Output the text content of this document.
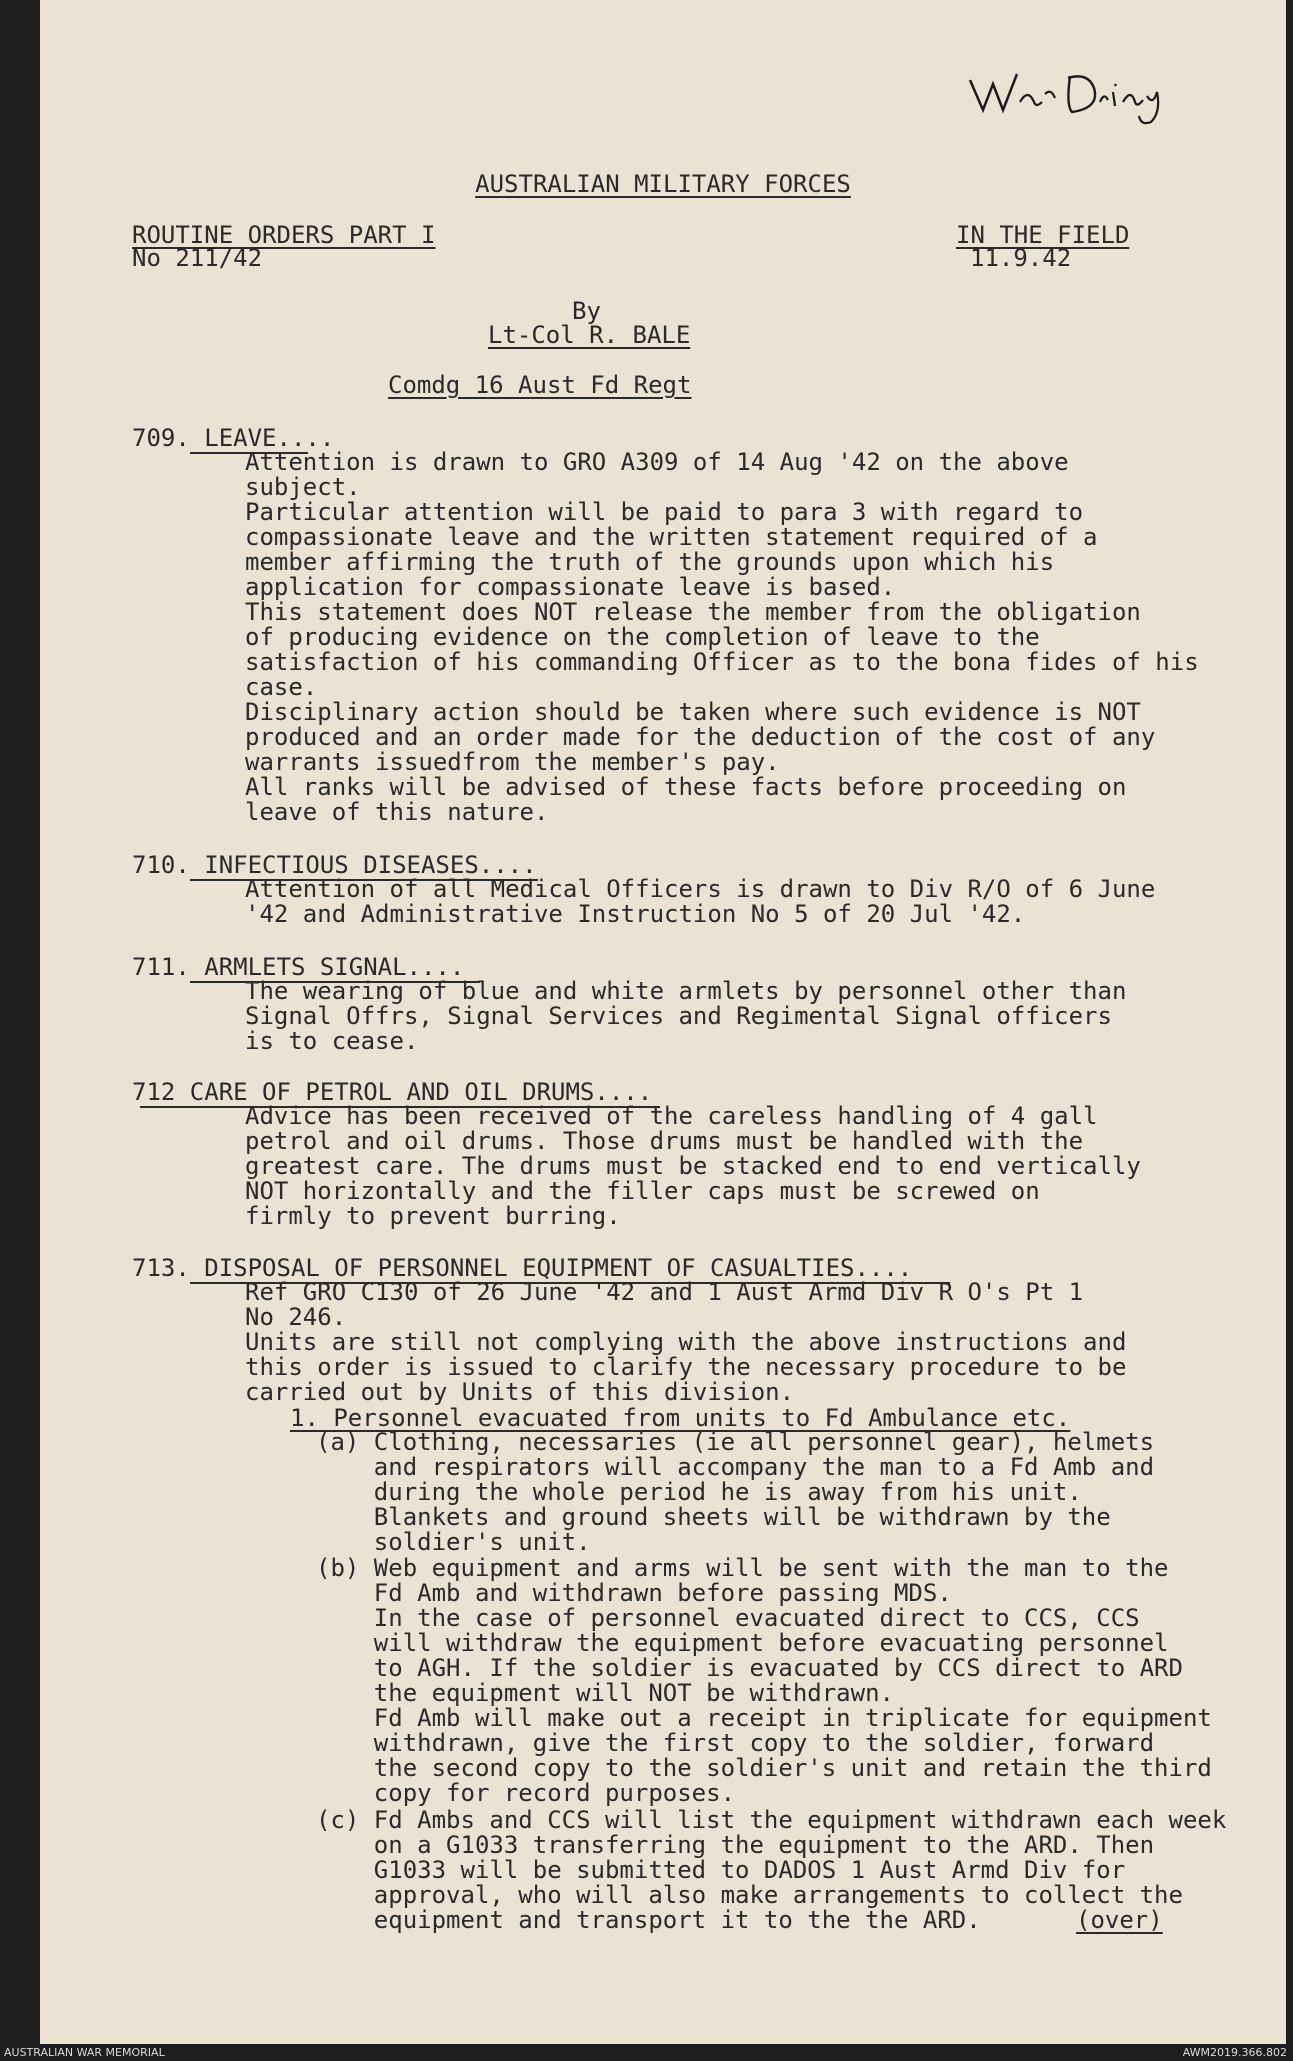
AUSTRALIAN MILITARY FORCES
ROUTINE ORDERS PART I
No 211/42
IN THE FIELD
11.9.42
By
Lt-Col R. BALE
Comdg 16 Aust Fd Regt
709. LEAVE....
Attention is drawn to GRO A309 of 14 Aug '42 on the above
subject.
Particular attention will be paid to para 3 with regard to
compassionate leave and the written statement required of a
member affirming the truth of the grounds upon which his
application for compassionate leave is based.
This statement does NOT release the member from the obligation
of producing evidence on the completion of leave to the
satisfaction of his commanding Officer as to the bona fides of his
case.
Disciplinary action should be taken where such evidence is NOT
produced and an order made for the deduction of the cost of any
warrants issuedfrom the member's pay.
All ranks will be advised of these facts before proceeding on
leave of this nature.
710. INFECTIOUS DISEASES....
Attention of all Medical Officers is drawn to Div R/O of 6 June
'42 and Administrative Instruction No 5 of 20 Jul '42.
711. ARMLETS SIGNAL....
The wearing of blue and white armlets by personnel other than
Signal Offrs, Signal Services and Regimental Signal officers
is to cease.
712 CARE OF PETROL AND OIL DRUMS....
Advice has been received of the careless handling of 4 gall
petrol and oil drums. Those drums must be handled with the
greatest care. The drums must be stacked end to end vertically
NOT horizontally and the filler caps must be screwed on
firmly to prevent burring.
713. DISPOSAL OF PERSONNEL EQUIPMENT OF CASUALTIES....
Ref GRO C130 of 26 June '42 and 1 Aust Armd Div R O's Pt 1
No 246.
Units are still not complying with the above instructions and
this order is issued to clarify the necessary procedure to be
carried out by Units of this division.
1. Personnel evacuated from units to Fd Ambulance etc.
(a) Clothing, necessaries (ie all personnel gear), helmets
and respirators will accompany the man to a Fd Amb and
during the whole period he is away from his unit.
Blankets and ground sheets will be withdrawn by the
soldier's unit.
(b) Web equipment and arms will be sent with the man to the
Fd Amb and withdrawn before passing MDS.
In the case of personnel evacuated direct to CCS, CCS
will withdraw the equipment before evacuating personnel
to AGH. If the soldier is evacuated by CCS direct to ARD
the equipment will NOT be withdrawn.
Fd Amb will make out a receipt in triplicate for equipment
withdrawn, give the first copy to the soldier, forward
the second copy to the soldier's unit and retain the third
copy for record purposes.
(c) Fd Ambs and CCS will list the equipment withdrawn each week
on a G1033 transferring the equipment to the ARD. Then
G1033 will be submitted to DADOS 1 Aust Armd Div for
approval, who will also make arrangements to collect the
equipment and transport it to the the ARD.	(over)
AUSTRALIAN WAR MEMORIAL	AWM2019.366.802
